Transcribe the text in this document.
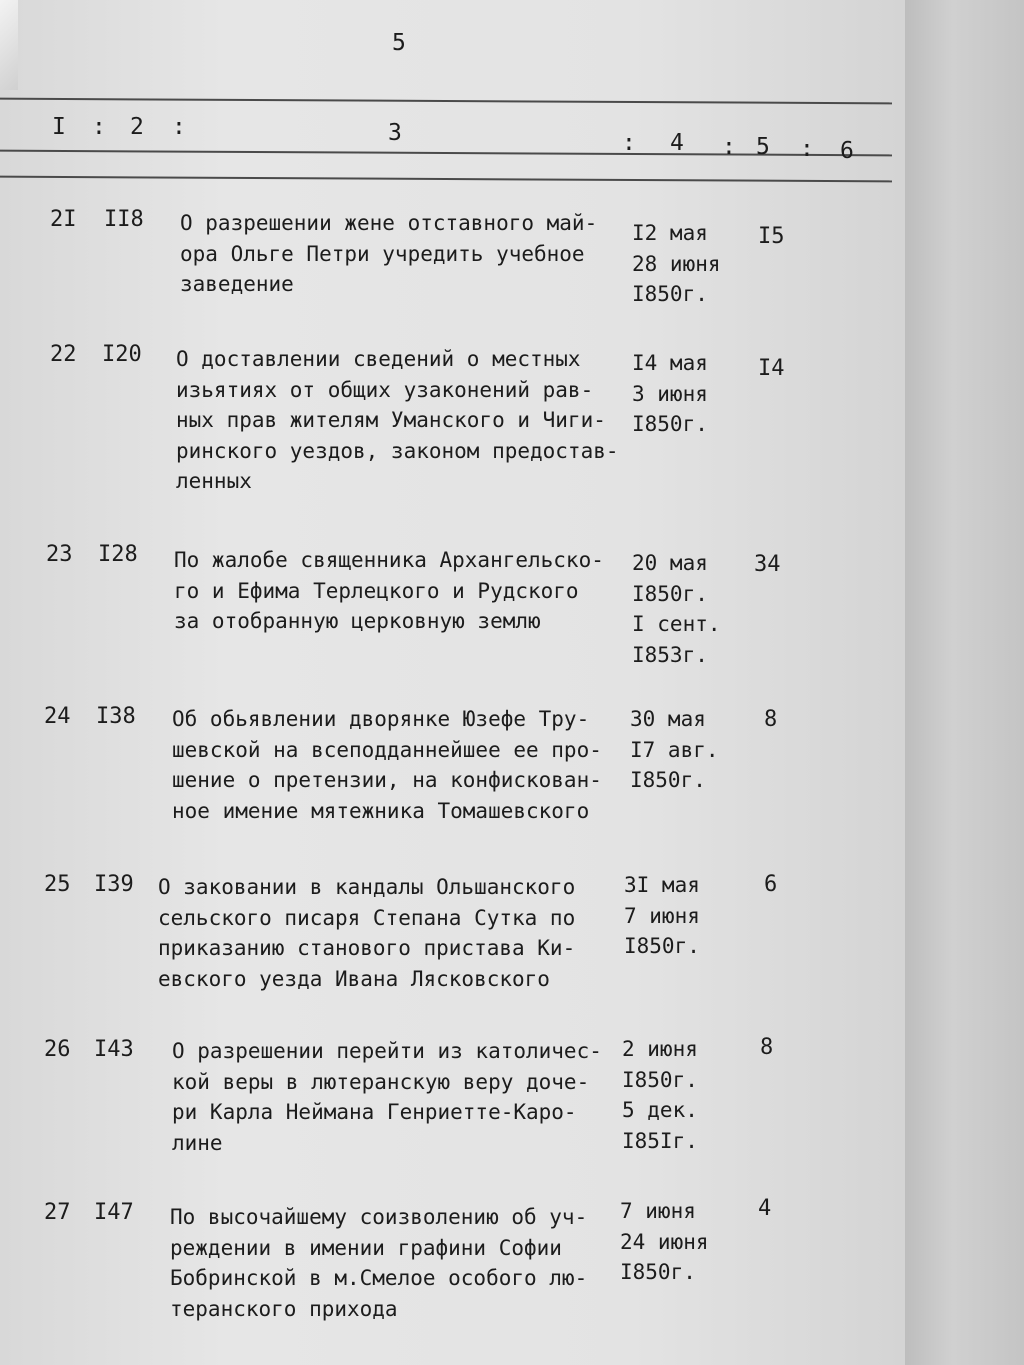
5
I : 2 :	3	: 4 : 5 : 6
2I II8 О разрешении жене отставного май-
ора Ольге Петри учредить учебное
заведение
I2 мая
28 июня
I850г.
I5
22 I20 О доставлении сведений о местных
изьятиях от общих узаконений рав-
ных прав жителям Уманского и Чиги-
ринского уездов, законом предостав-
ленных
I4 мая
3 июня
I850г.
I4
23 I28 По жалобе священника Архангельско-
го и Ефима Терлецкого и Рудского
за отобранную церковную землю
20 мая
I850г.
I сент.
I853г.
34
24 I38 Об обьявлении дворянке Юзефе Тру-
шевской на всеподданнейшее ее про-
шение о претензии, на конфискован-
ное имение мятежника Томашевского
30 мая
I7 авг.
I850г.
8
25 I39 О заковании в кандалы Ольшанского
сельского писаря Степана Сутка по
приказанию станового пристава Ки-
евского уезда Ивана Лясковского
3I мая
7 июня
I850г.
6
26 I43 О разрешении перейти из католичес-
кой веры в лютеранскую веру доче-
ри Карла Неймана Генриетте-Каро-
лине
2 июня
I850г.
5 дек.
I85Iг.
8
27 I47 По высочайшему соизволению об уч-
реждении в имении графини Софии
Бобринской в м.Смелое особого лю-
теранского прихода
7 июня
24 июня
I850г.
4
